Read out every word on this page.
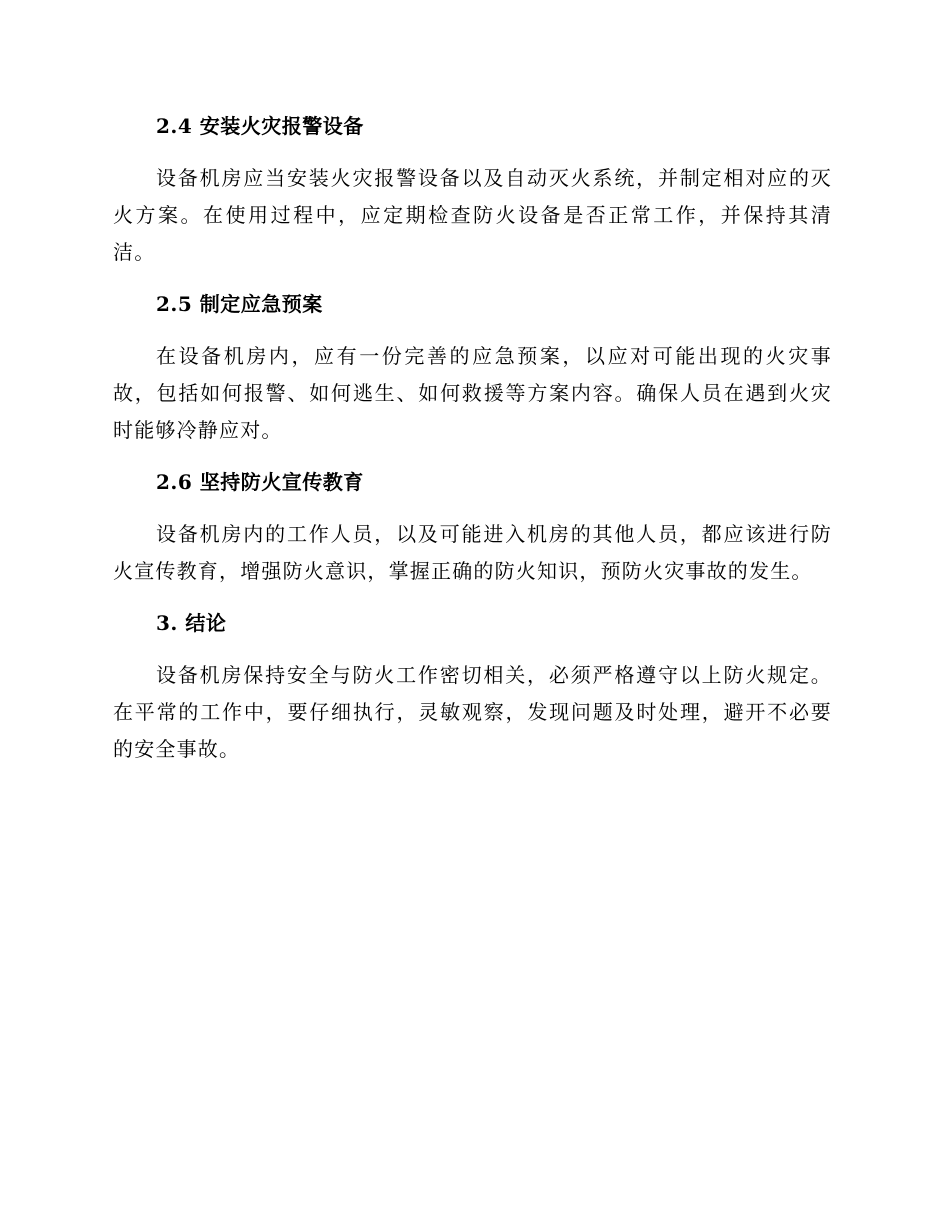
2.4 安装火灾报警设备

设备机房应当安装火灾报警设备以及自动灭火系统，并制定相对应的灭火方案。在使用过程中，应定期检查防火设备是否正常工作，并保持其清洁。

2.5 制定应急预案

在设备机房内，应有一份完善的应急预案，以应对可能出现的火灾事故，包括如何报警、如何逃生、如何救援等方案内容。确保人员在遇到火灾时能够冷静应对。

2.6 坚持防火宣传教育

设备机房内的工作人员，以及可能进入机房的其他人员，都应该进行防火宣传教育，增强防火意识，掌握正确的防火知识，预防火灾事故的发生。

3. 结论

设备机房保持安全与防火工作密切相关，必须严格遵守以上防火规定。在平常的工作中，要仔细执行，灵敏观察，发现问题及时处理，避开不必要的安全事故。
